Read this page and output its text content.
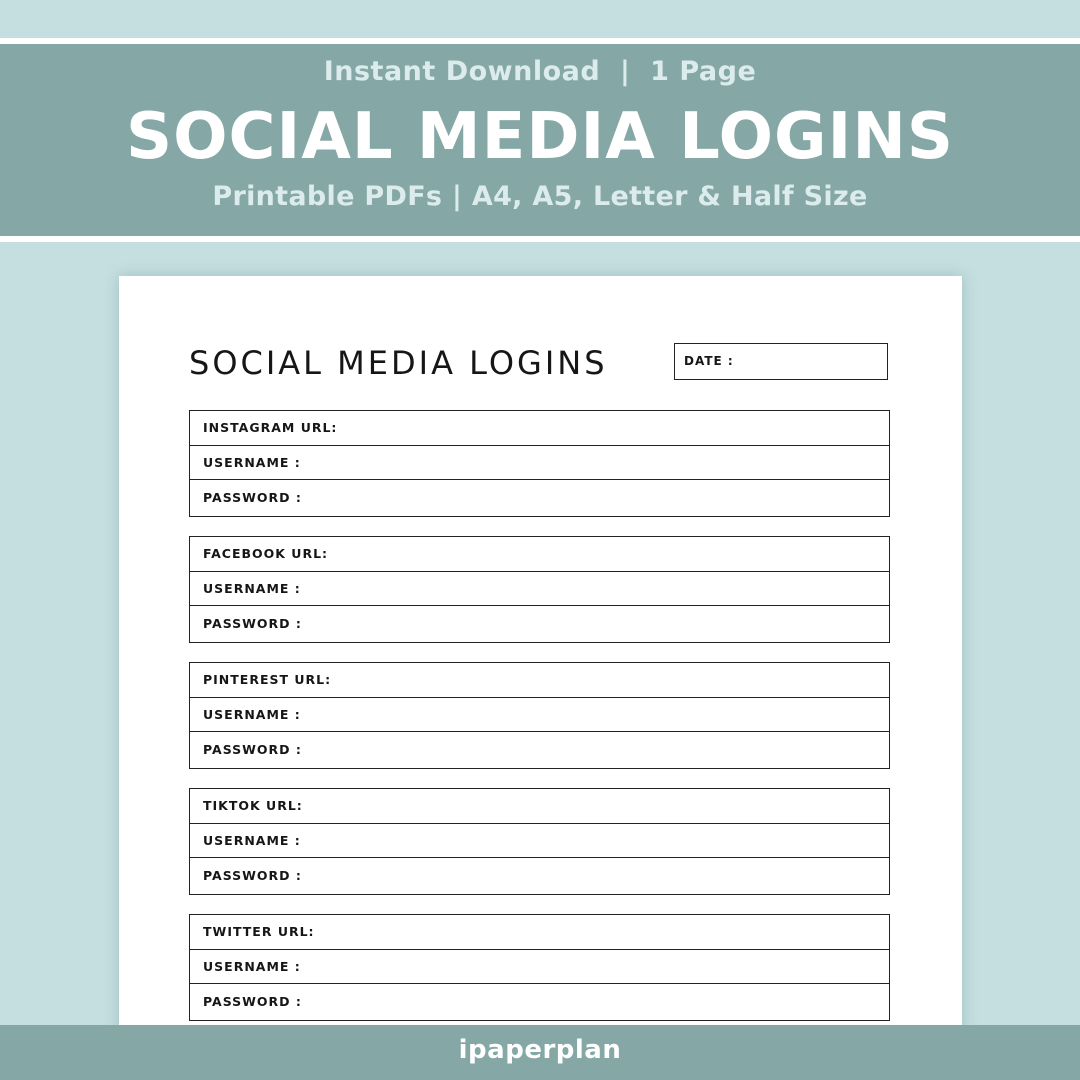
Instant Download  |  1 Page
SOCIAL MEDIA LOGINS
Printable PDFs | A4, A5, Letter & Half Size
SOCIAL MEDIA LOGINS	DATE :
INSTAGRAM URL:
USERNAME :
PASSWORD :
FACEBOOK URL:
USERNAME :
PASSWORD :
PINTEREST URL:
USERNAME :
PASSWORD :
TIKTOK URL:
USERNAME :
PASSWORD :
TWITTER URL:
USERNAME :
PASSWORD :
ipaperplan
